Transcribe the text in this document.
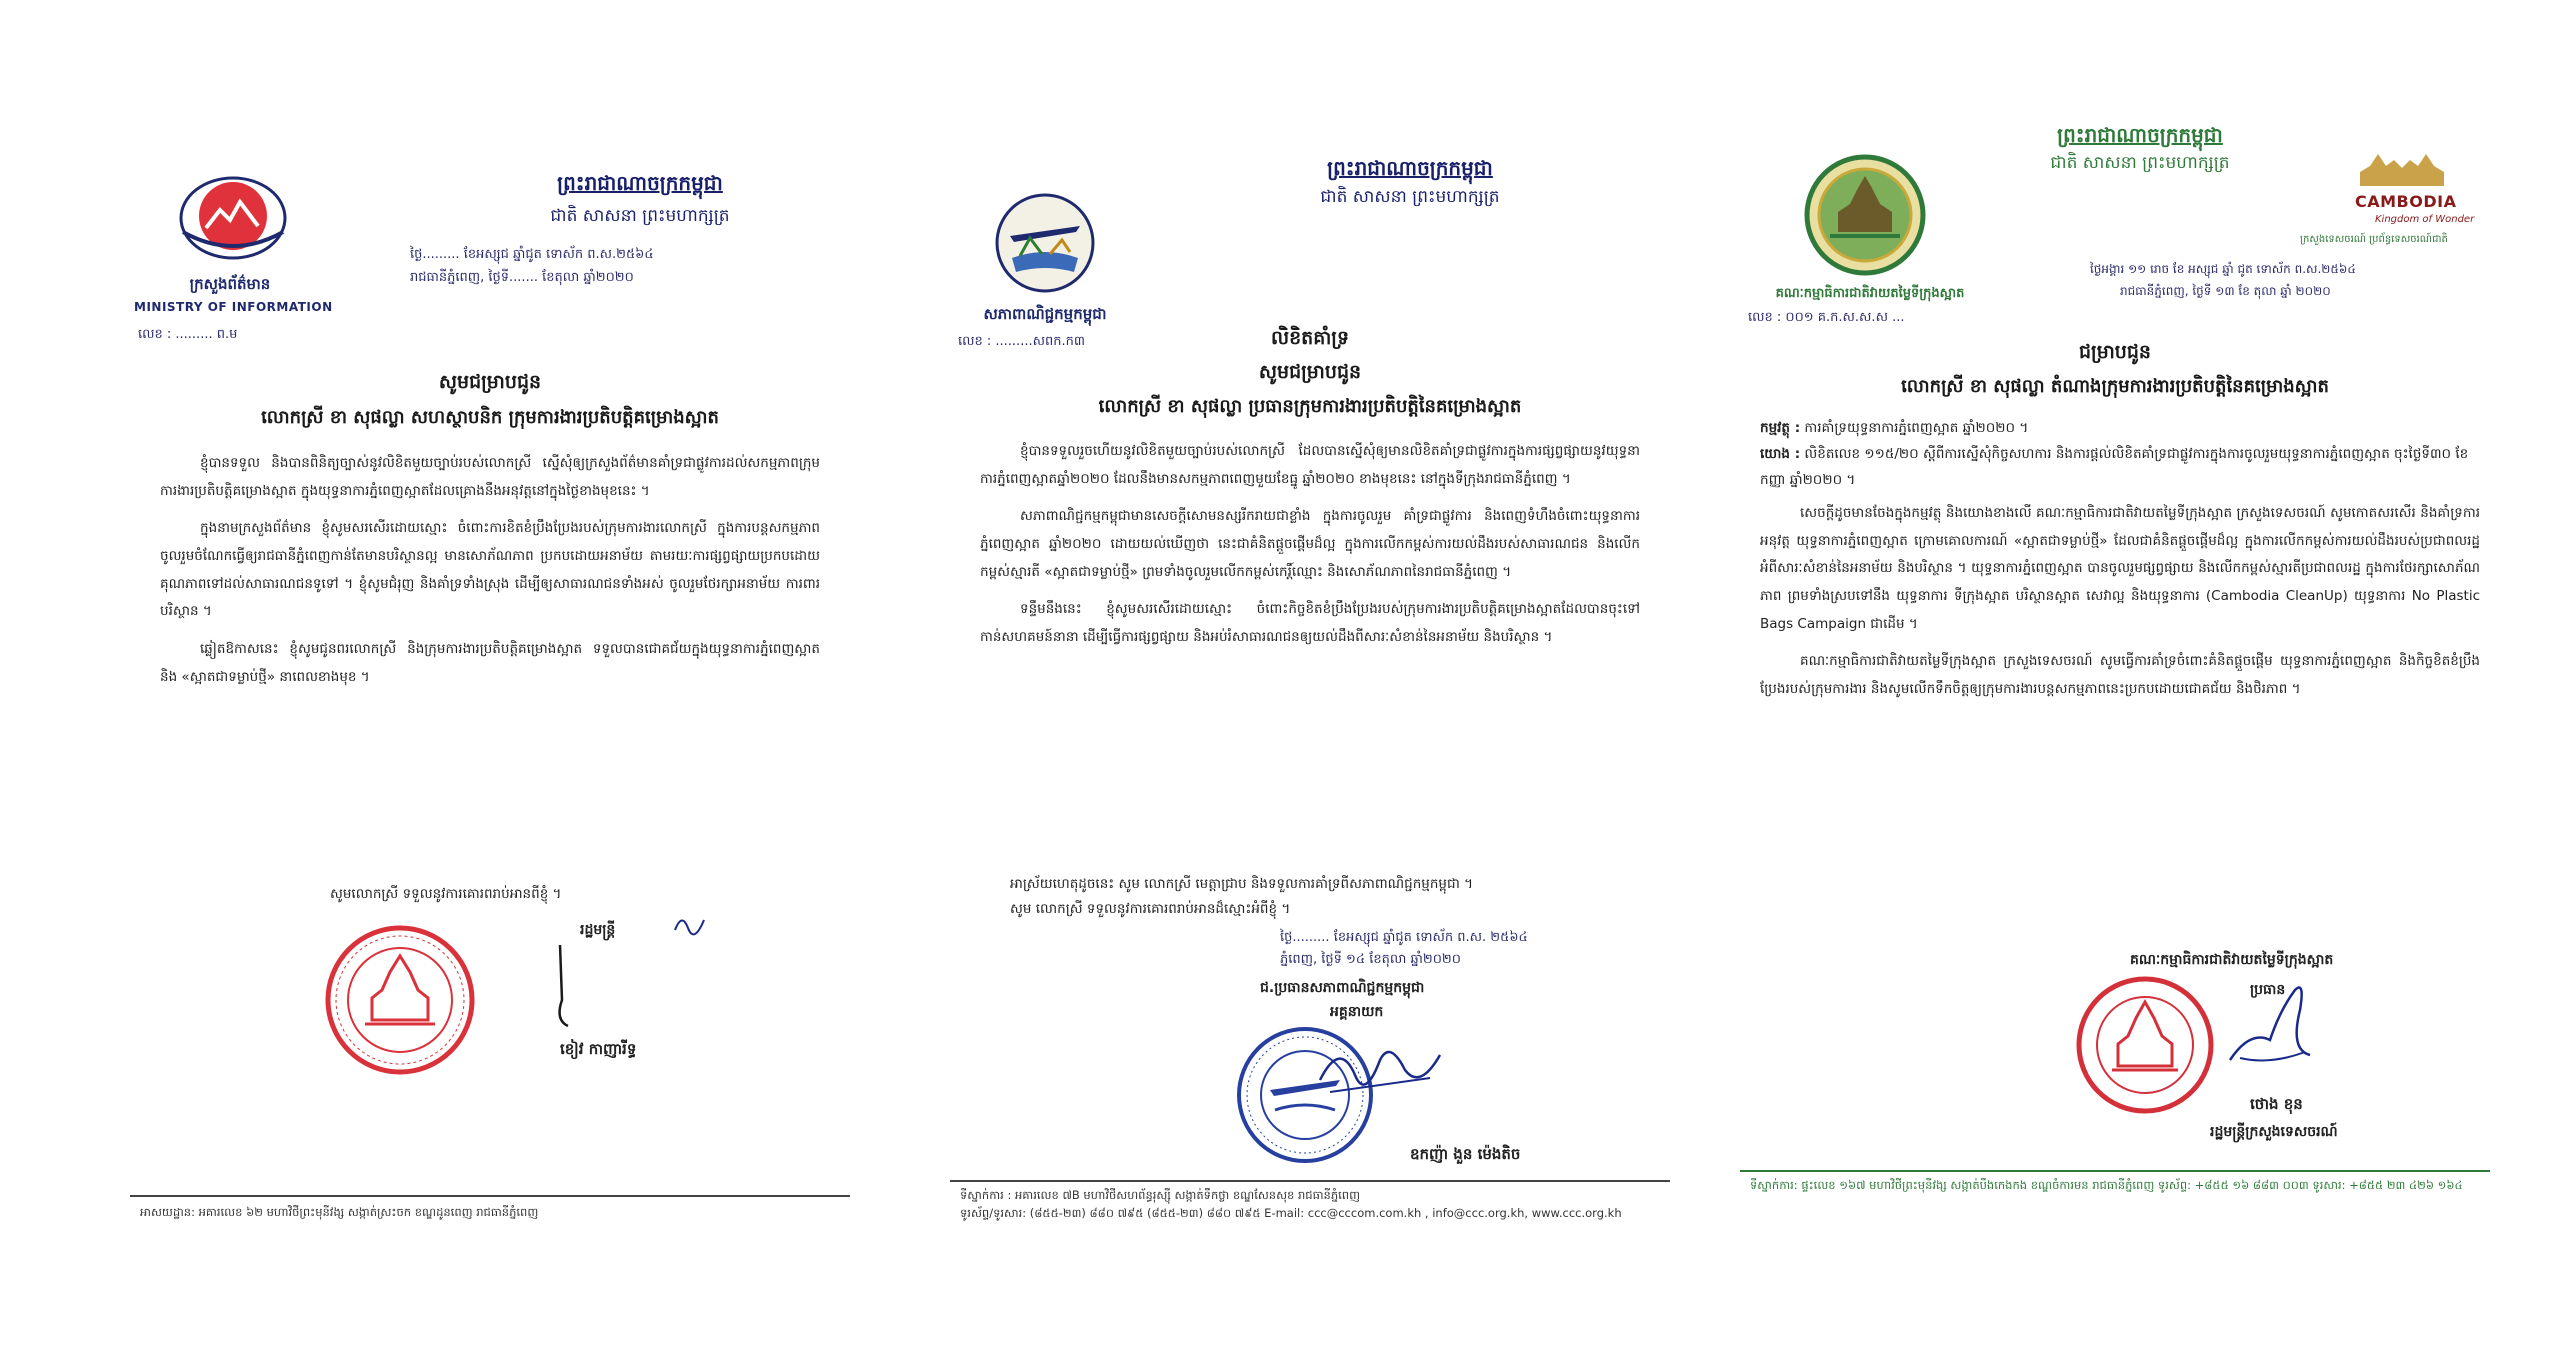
ក្រសួងព័ត៌មាន
MINISTRY OF INFORMATION
លេខ : ......... ព.ម
ព្រះរាជាណាចក្រកម្ពុជា
ជាតិ សាសនា ព្រះមហាក្សត្រ
ថ្ងៃ......... ខែអស្សុជ ឆ្នាំជូត ទោស័ក ព.ស.២៥៦៤
រាជធានីភ្នំពេញ, ថ្ងៃទី....... ខែតុលា ឆ្នាំ២០២០
សូមជម្រាបជូន
លោកស្រី ខា សុផល្លា សហស្ថាបនិក ក្រុមការងារប្រតិបត្តិគម្រោងស្អាត

ខ្ញុំបានទទួល និងបានពិនិត្យច្បាស់នូវលិខិតមួយច្បាប់របស់លោកស្រី ស្នើសុំឲ្យក្រសួងព័ត៌មានគាំទ្រជាផ្លូវការដល់សកម្មភាពក្រុមការងារប្រតិបត្តិគម្រោងស្អាត ក្នុងយុទ្ធនាការភ្នំពេញស្អាតដែលគ្រោងនឹងអនុវត្តនៅក្នុងថ្ងៃខាងមុខនេះ ។

ក្នុងនាមក្រសួងព័ត៌មាន ខ្ញុំសូមសរសើរដោយស្មោះ ចំពោះការខិតខំប្រឹងប្រែងរបស់ក្រុមការងារលោកស្រី ក្នុងការបន្តសកម្មភាពចូលរួមចំណែកធ្វើឲ្យរាជធានីភ្នំពេញកាន់តែមានបរិស្ថានល្អ មានសោភ័ណភាព ប្រកបដោយអនាម័យ តាមរយៈការផ្សព្វផ្សាយប្រកបដោយគុណភាពទៅដល់សាធារណជនទូទៅ ។ ខ្ញុំសូមជំរុញ និងគាំទ្រទាំងស្រុង ដើម្បីឲ្យសាធារណជនទាំងអស់ ចូលរួមថែរក្សាអនាម័យ ការពារបរិស្ថាន ។

ឆ្លៀតឱកាសនេះ ខ្ញុំសូមជូនពរលោកស្រី និងក្រុមការងារប្រតិបត្តិគម្រោងស្អាត ទទួលបានជោគជ័យក្នុងយុទ្ធនាការភ្នំពេញស្អាត និង «ស្អាតជាទម្លាប់ថ្មី» នាពេលខាងមុខ ។

សូមលោកស្រី ទទួលនូវការគោរពរាប់អានពីខ្ញុំ ។
រដ្ឋមន្ត្រី
ខៀវ កាញារីទ្ធ
អាសយដ្ឋាន: អគារលេខ ៦២ មហាវិថីព្រះមុនីវង្ស សង្កាត់ស្រះចក ខណ្ឌដូនពេញ រាជធានីភ្នំពេញ
សភាពាណិជ្ជកម្មកម្ពុជា
លេខ : .........សពក.ក៣
ព្រះរាជាណាចក្រកម្ពុជា
ជាតិ សាសនា ព្រះមហាក្សត្រ
លិខិតគាំទ្រ
សូមជម្រាបជូន
លោកស្រី ខា សុផល្លា ប្រធានក្រុមការងារប្រតិបត្តិនៃគម្រោងស្អាត

ខ្ញុំបានទទួលរួចហើយនូវលិខិតមួយច្បាប់របស់លោកស្រី ដែលបានស្នើសុំឲ្យមានលិខិតគាំទ្រជាផ្លូវការក្នុងការផ្សព្វផ្សាយនូវយុទ្ធនាការភ្នំពេញស្អាតឆ្នាំ២០២០ ដែលនឹងមានសកម្មភាពពេញមួយខែធ្នូ ឆ្នាំ២០២០ ខាងមុខនេះ នៅក្នុងទីក្រុងរាជធានីភ្នំពេញ ។

សភាពាណិជ្ជកម្មកម្ពុជាមានសេចក្ដីសោមនស្សរីករាយជាខ្លាំង ក្នុងការចូលរួម គាំទ្រជាផ្លូវការ និងពេញទំហឹងចំពោះយុទ្ធនាការភ្នំពេញស្អាត ឆ្នាំ២០២០ ដោយយល់ឃើញថា នេះជាគំនិតផ្ដួចផ្ដើមដ៏ល្អ ក្នុងការលើកកម្ពស់ការយល់ដឹងរបស់សាធារណជន និងលើកកម្ពស់ស្មារតី «ស្អាតជាទម្លាប់ថ្មី» ព្រមទាំងចូលរួមលើកកម្ពស់កេរ្តិ៍ឈ្មោះ និងសោភ័ណភាពនៃរាជធានីភ្នំពេញ ។

ទន្ទឹមនឹងនេះ ខ្ញុំសូមសរសើរដោយស្មោះ ចំពោះកិច្ចខិតខំប្រឹងប្រែងរបស់ក្រុមការងារប្រតិបត្តិគម្រោងស្អាតដែលបានចុះទៅកាន់សហគមន៍នានា ដើម្បីធ្វើការផ្សព្វផ្សាយ និងអប់រំសាធារណជនឲ្យយល់ដឹងពីសារៈសំខាន់នៃអនាម័យ និងបរិស្ថាន ។

អាស្រ័យហេតុដូចនេះ សូម លោកស្រី មេត្តាជ្រាប និងទទួលការគាំទ្រពីសភាពាណិជ្ជកម្មកម្ពុជា ។
សូម លោកស្រី ទទួលនូវការគោរពរាប់អានដ៏ស្មោះអំពីខ្ញុំ ។
ថ្ងៃ......... ខែអស្សុជ ឆ្នាំជូត ទោស័ក ព.ស. ២៥៦៤
ភ្នំពេញ, ថ្ងៃទី ១៤ ខែតុលា ឆ្នាំ២០២០
ជ.ប្រធានសភាពាណិជ្ជកម្មកម្ពុជា
អគ្គនាយក
ឧកញ៉ា ងួន ម៉េងតិច
ទីស្នាក់ការ : អគារលេខ ៧B មហាវិថីសហព័ន្ធរុស្ស៊ី សង្កាត់ទឹកថ្លា ខណ្ឌសែនសុខ រាជធានីភ្នំពេញ
ទូរស័ព្ទ/ទូរសារ: (៨៥៥-២៣) ៨៨០ ៧៩៥ (៨៥៥-២៣) ៨៨០ ៧៩៥ E-mail: ccc@cccom.com.kh , info@ccc.org.kh, www.ccc.org.kh
គណៈកម្មាធិការជាតិវាយតម្លៃទីក្រុងស្អាត
លេខ : ០០១ គ.ក.ស.ស.ស ...
ព្រះរាជាណាចក្រកម្ពុជា
ជាតិ សាសនា ព្រះមហាក្សត្រ
CAMBODIA
Kingdom of Wonder
ក្រសួងទេសចរណ៍ ប្រព័ន្ធទេសចរណ៍ជាតិ
ថ្ងៃអង្គារ ១១ រោច ខែ អស្សុជ ឆ្នាំ ជូត ទោស័ក ព.ស.២៥៦៤
រាជធានីភ្នំពេញ, ថ្ងៃទី ១៣ ខែ តុលា ឆ្នាំ ២០២០
ជម្រាបជូន
លោកស្រី ខា សុផល្លា តំណាងក្រុមការងារប្រតិបត្តិនៃគម្រោងស្អាត
កម្មវត្ថុ : ការគាំទ្រយុទ្ធនាការភ្នំពេញស្អាត ឆ្នាំ២០២០ ។
យោង : លិខិតលេខ ១១៥/២០ ស្ដីពីការស្នើសុំកិច្ចសហការ និងការផ្ដល់លិខិតគាំទ្រជាផ្លូវការក្នុងការចូលរួមយុទ្ធនាការភ្នំពេញស្អាត ចុះថ្ងៃទី៣០ ខែកញ្ញា ឆ្នាំ២០២០ ។

សេចក្ដីដូចមានចែងក្នុងកម្មវត្ថុ និងយោងខាងលើ គណៈកម្មាធិការជាតិវាយតម្លៃទីក្រុងស្អាត ក្រសួងទេសចរណ៍ សូមកោតសរសើរ និងគាំទ្រការអនុវត្ត យុទ្ធនាការភ្នំពេញស្អាត ក្រោមគោលការណ៍ «ស្អាតជាទម្លាប់ថ្មី» ដែលជាគំនិតផ្ដួចផ្ដើមដ៏ល្អ ក្នុងការលើកកម្ពស់ការយល់ដឹងរបស់ប្រជាពលរដ្ឋ អំពីសារៈសំខាន់នៃអនាម័យ និងបរិស្ថាន ។ យុទ្ធនាការភ្នំពេញស្អាត បានចូលរួមផ្សព្វផ្សាយ និងលើកកម្ពស់ស្មារតីប្រជាពលរដ្ឋ ក្នុងការថែរក្សាសោភ័ណភាព ព្រមទាំងស្របទៅនឹង យុទ្ធនាការ ទីក្រុងស្អាត បរិស្ថានស្អាត សេវាល្អ និងយុទ្ធនាការ (Cambodia CleanUp) យុទ្ធនាការ No Plastic Bags Campaign ជាដើម ។

គណៈកម្មាធិការជាតិវាយតម្លៃទីក្រុងស្អាត ក្រសួងទេសចរណ៍ សូមធ្វើការគាំទ្រចំពោះគំនិតផ្ដួចផ្ដើម យុទ្ធនាការភ្នំពេញស្អាត និងកិច្ចខិតខំប្រឹងប្រែងរបស់ក្រុមការងារ និងសូមលើកទឹកចិត្តឲ្យក្រុមការងារបន្តសកម្មភាពនេះប្រកបដោយជោគជ័យ និងថិរភាព ។

គណៈកម្មាធិការជាតិវាយតម្លៃទីក្រុងស្អាត
ប្រធាន
ថោង ខុន
រដ្ឋមន្ត្រីក្រសួងទេសចរណ៍
ទីស្នាក់ការ: ផ្ទះលេខ ១៦៧ មហាវិថីព្រះមុនីវង្ស សង្កាត់បឹងកេងកង ខណ្ឌចំការមន រាជធានីភ្នំពេញ ទូរស័ព្ទ: +៨៥៥ ១៦ ៨៨៣ ០០៣ ទូរសារ: +៨៥៥ ២៣ ៤២៦ ១៦៤
